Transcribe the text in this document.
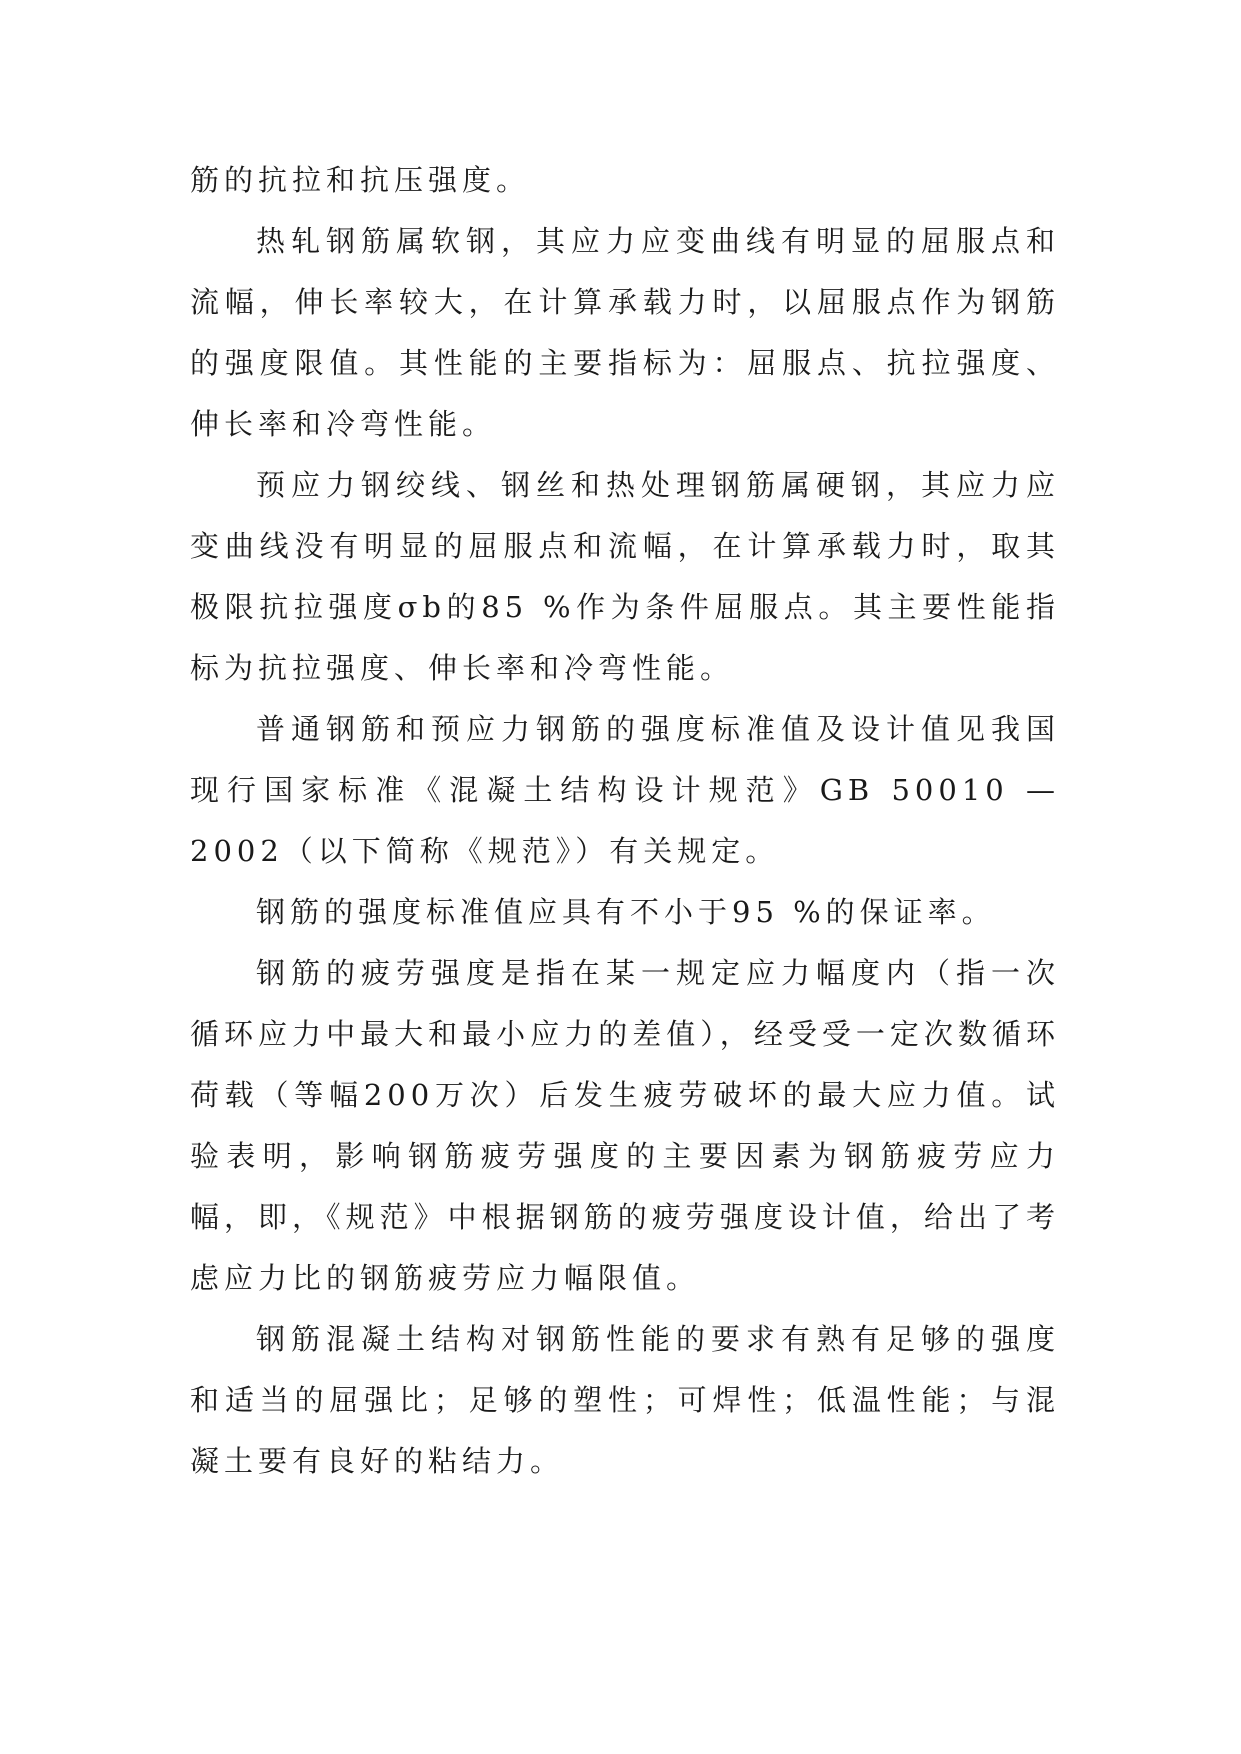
筋的抗拉和抗压强度。

热轧钢筋属软钢，其应力应变曲线有明显的屈服点和流幅，伸长率较大，在计算承载力时，以屈服点作为钢筋的强度限值。其性能的主要指标为：屈服点、抗拉强度、伸长率和冷弯性能。

预应力钢绞线、钢丝和热处理钢筋属硬钢，其应力应变曲线没有明显的屈服点和流幅，在计算承载力时，取其极限抗拉强度σb的85 %作为条件屈服点。其主要性能指标为抗拉强度、伸长率和冷弯性能。

普通钢筋和预应力钢筋的强度标准值及设计值见我国现行国家标准《混凝土结构设计规范》GB 50010 — 2002（以下简称《规范》）有关规定。

钢筋的强度标准值应具有不小于95 %的保证率。

钢筋的疲劳强度是指在某一规定应力幅度内（指一次循环应力中最大和最小应力的差值），经受受一定次数循环荷载（等幅200万次）后发生疲劳破坏的最大应力值。试验表明，影响钢筋疲劳强度的主要因素为钢筋疲劳应力幅，即，《规范》中根据钢筋的疲劳强度设计值，给出了考虑应力比的钢筋疲劳应力幅限值。

钢筋混凝土结构对钢筋性能的要求有熟有足够的强度和适当的屈强比；足够的塑性；可焊性；低温性能；与混凝土要有良好的粘结力。
